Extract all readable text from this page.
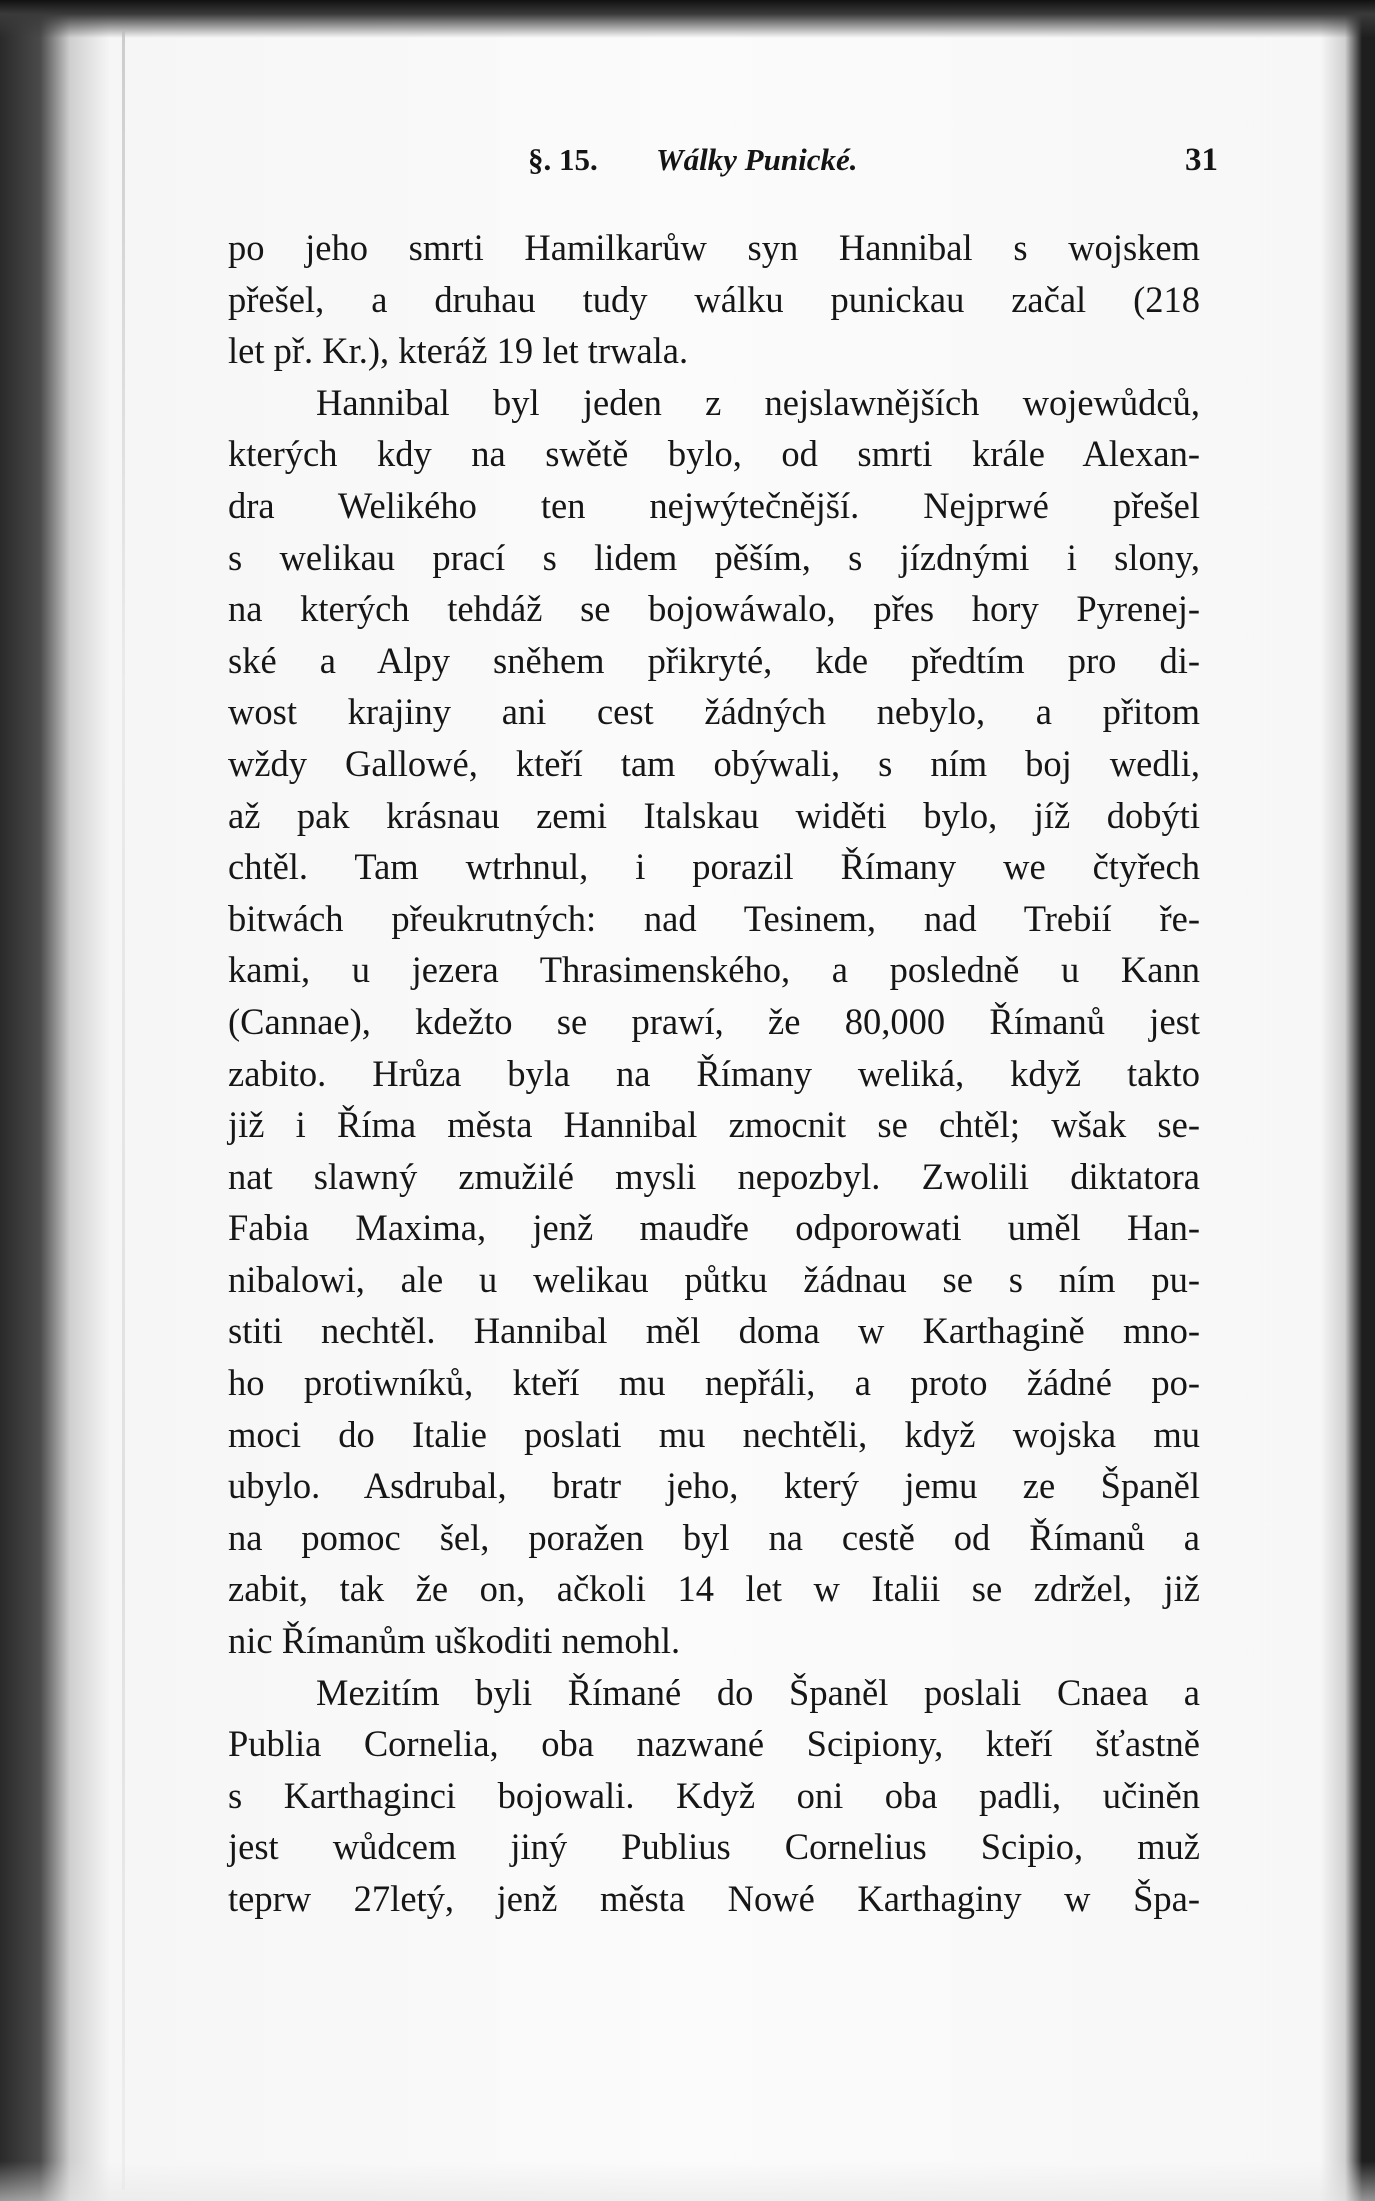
§. 15. Wálky Punické.	31
po jeho smrti Hamilkarůw syn Hannibal s wojskem
přešel, a druhau tudy wálku punickau začal (218
let př. Kr.), kteráž 19 let trwala.
Hannibal byl jeden z nejslawnějších wojewůdců,
kterých kdy na swětě bylo, od smrti krále Alexan-
dra Welikého ten nejwýtečnější. Nejprwé přešel
s welikau prací s lidem pěším, s jízdnými i slony,
na kterých tehdáž se bojowáwalo, přes hory Pyrenej-
ské a Alpy sněhem přikryté, kde předtím pro di-
wost krajiny ani cest žádných nebylo, a přitom
wždy Gallowé, kteří tam obýwali, s ním boj wedli,
až pak krásnau zemi Italskau widěti bylo, jíž dobýti
chtěl. Tam wtrhnul, i porazil Římany we čtyřech
bitwách přeukrutných: nad Tesinem, nad Trebií ře-
kami, u jezera Thrasimenského, a posledně u Kann
(Cannae), kdežto se prawí, že 80,000 Římanů jest
zabito. Hrůza byla na Římany weliká, když takto
již i Říma města Hannibal zmocnit se chtěl; wšak se-
nat slawný zmužilé mysli nepozbyl. Zwolili diktatora
Fabia Maxima, jenž maudře odporowati uměl Han-
nibalowi, ale u welikau půtku žádnau se s ním pu-
stiti nechtěl. Hannibal měl doma w Karthagině mno-
ho protiwníků, kteří mu nepřáli, a proto žádné po-
moci do Italie poslati mu nechtěli, když wojska mu
ubylo. Asdrubal, bratr jeho, který jemu ze Španěl
na pomoc šel, poražen byl na cestě od Římanů a
zabit, tak že on, ačkoli 14 let w Italii se zdržel, již
nic Římanům uškoditi nemohl.
Mezitím byli Římané do Španěl poslali Cnaea a
Publia Cornelia, oba nazwané Scipiony, kteří šťastně
s Karthaginci bojowali. Když oni oba padli, učiněn
jest wůdcem jiný Publius Cornelius Scipio, muž
teprw 27letý, jenž města Nowé Karthaginy w Špa-
